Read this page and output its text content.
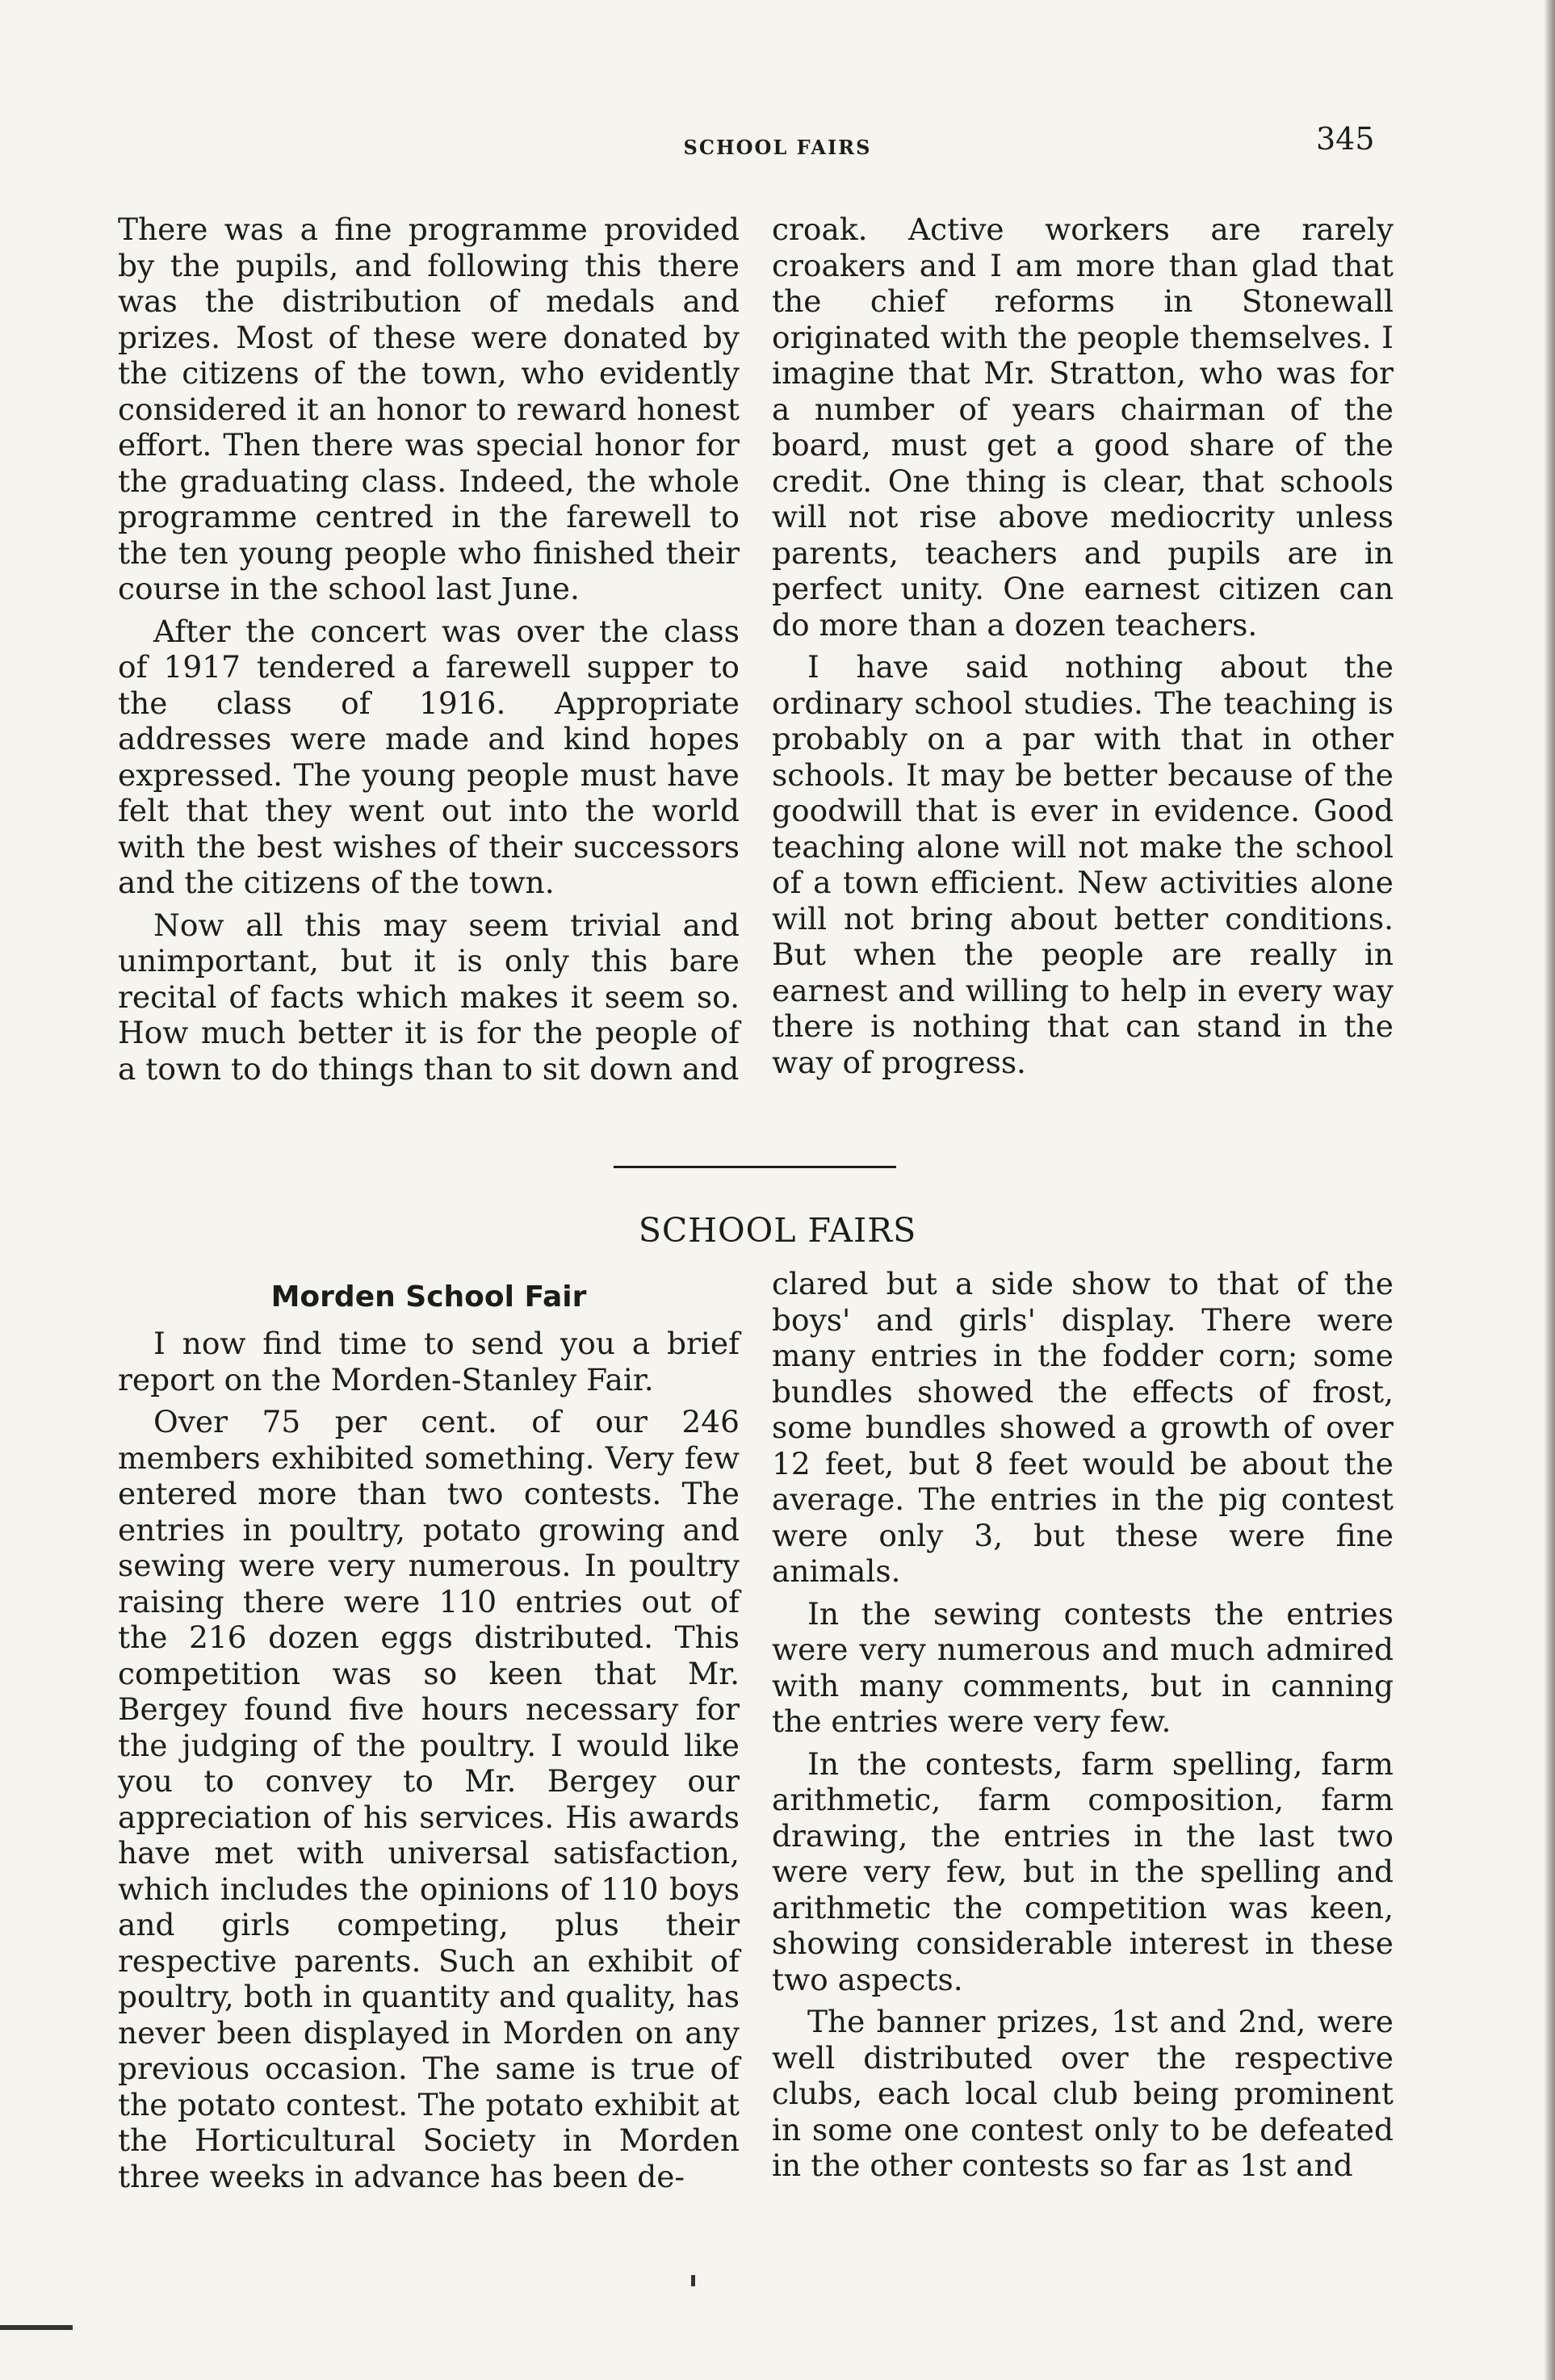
SCHOOL FAIRS	345

There was a fine programme provided by the pupils, and following this there was the distribution of medals and prizes. Most of these were donated by the citizens of the town, who evidently considered it an honor to reward honest effort. Then there was special honor for the graduating class. Indeed, the whole programme centred in the farewell to the ten young people who finished their course in the school last June.

After the concert was over the class of 1917 tendered a farewell supper to the class of 1916. Appropriate addresses were made and kind hopes expressed. The young people must have felt that they went out into the world with the best wishes of their successors and the citizens of the town.

Now all this may seem trivial and unimportant, but it is only this bare recital of facts which makes it seem so. How much better it is for the people of a town to do things than to sit down and

croak. Active workers are rarely croakers and I am more than glad that the chief reforms in Stonewall originated with the people themselves. I imagine that Mr. Stratton, who was for a number of years chairman of the board, must get a good share of the credit. One thing is clear, that schools will not rise above mediocrity unless parents, teachers and pupils are in perfect unity. One earnest citizen can do more than a dozen teachers.

I have said nothing about the ordinary school studies. The teaching is probably on a par with that in other schools. It may be better because of the goodwill that is ever in evidence. Good teaching alone will not make the school of a town efficient. New activities alone will not bring about better conditions. But when the people are really in earnest and willing to help in every way there is nothing that can stand in the way of progress.

SCHOOL FAIRS

Morden School Fair

I now find time to send you a brief report on the Morden-Stanley Fair.

Over 75 per cent. of our 246 members exhibited something. Very few entered more than two contests. The entries in poultry, potato growing and sewing were very numerous. In poultry raising there were 110 entries out of the 216 dozen eggs distributed. This competition was so keen that Mr. Bergey found five hours necessary for the judging of the poultry. I would like you to convey to Mr. Bergey our appreciation of his services. His awards have met with universal satisfaction, which includes the opinions of 110 boys and girls competing, plus their respective parents. Such an exhibit of poultry, both in quantity and quality, has never been displayed in Morden on any previous occasion. The same is true of the potato contest. The potato exhibit at the Horticultural Society in Morden three weeks in advance has been de-

clared but a side show to that of the boys' and girls' display. There were many entries in the fodder corn; some bundles showed the effects of frost, some bundles showed a growth of over 12 feet, but 8 feet would be about the average. The entries in the pig contest were only 3, but these were fine animals.

In the sewing contests the entries were very numerous and much admired with many comments, but in canning the entries were very few.

In the contests, farm spelling, farm arithmetic, farm composition, farm drawing, the entries in the last two were very few, but in the spelling and arithmetic the competition was keen, showing considerable interest in these two aspects.

The banner prizes, 1st and 2nd, were well distributed over the respective clubs, each local club being prominent in some one contest only to be defeated in the other contests so far as 1st and
